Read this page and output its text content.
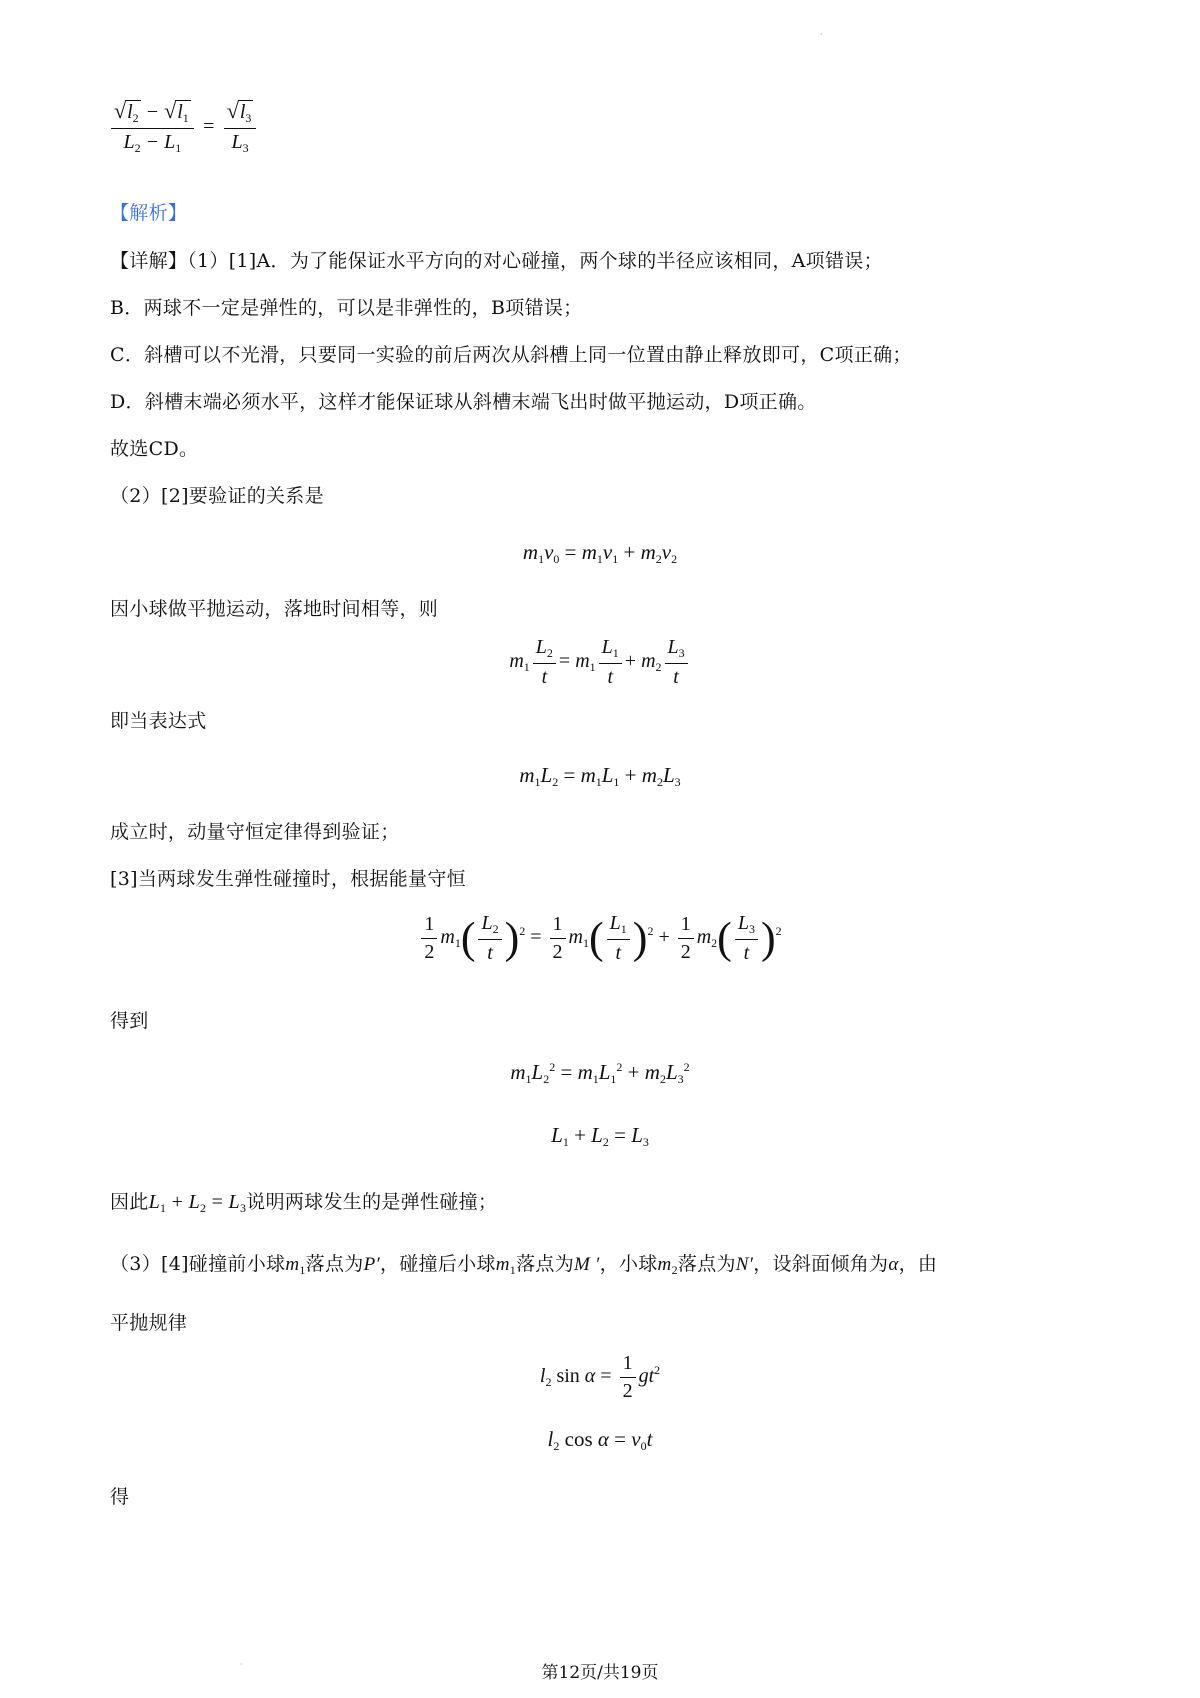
$\frac{√l_2 - √l_1}{L_2 - L_1} = \frac{√l_3}{L_3}$
【解析】
【详解】（1）[1]A．为了能保证水平方向的对心碰撞，两个球的半径应该相同，A项错误；
B．两球不一定是弹性的，可以是非弹性的，B项错误；
C．斜槽可以不光滑，只要同一实验的前后两次从斜槽上同一位置由静止释放即可，C项正确；
D．斜槽末端必须水平，这样才能保证球从斜槽末端飞出时做平抛运动，D项正确。
故选CD。
（2）[2]要验证的关系是
$m_1v_0 = m_1v_1 + m_2v_2$
因小球做平抛运动，落地时间相等，则
$m_1 \frac{L_2}{t} = m_1 \frac{L_1}{t} + m_2 \frac{L_3}{t}$
即当表达式
$m_1L_2 = m_1L_1 + m_2L_3$
成立时，动量守恒定律得到验证；
[3]当两球发生弹性碰撞时，根据能量守恒
$\frac{1}{2} m_1( \frac{L_2}{t} )^2 = \frac{1}{2} m_1( \frac{L_1}{t} )^2 + \frac{1}{2} m_2( \frac{L_3}{t} )^2$
得到
$m_1L_2^2 = m_1L_1^2 + m_2L_3^2$
$L_1 + L_2 = L_3$
因此$L_1 + L_2 = L_3$说明两球发生的是弹性碰撞；
（3）[4]碰撞前小球$m_1$落点为P′，碰撞后小球$m_1$落点为M ′，小球$m_2$落点为N′，设斜面倾角为α，由
平抛规律
$l_2$ $\sin \alpha = \frac{1}{2} gt^2$
$l_2$ $\cos \alpha = v_0t$
得
第12页/共19页
·
·
